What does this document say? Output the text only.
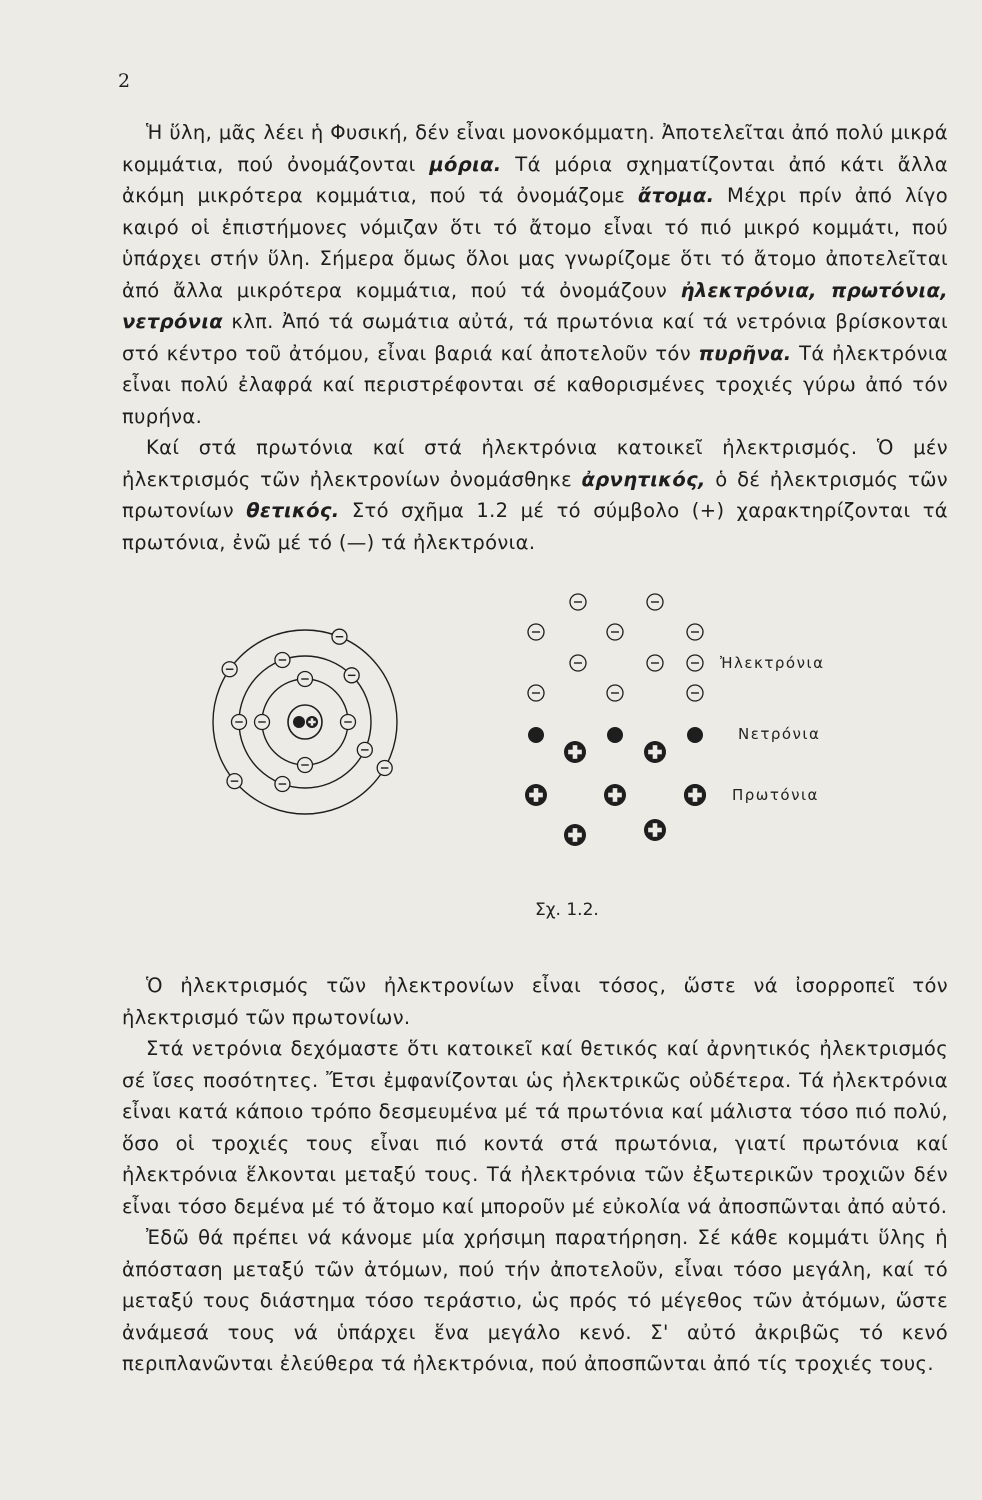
2

Ἡ ὕλη, μᾶς λέει ἡ Φυσική, δέν εἶναι μονοκόμματη. Ἀποτελεῖται ἀπό πολύ μικρά κομμάτια, πού ὀνομάζονται μόρια. Τά μόρια σχηματίζονται ἀπό κάτι ἄλλα ἀκόμη μικρότερα κομμάτια, πού τά ὀνομάζομε ἄτομα. Μέχρι πρίν ἀπό λίγο καιρό οἱ ἐπιστήμονες νόμιζαν ὅτι τό ἄτομο εἶναι τό πιό μικρό κομμάτι, πού ὑπάρχει στήν ὕλη. Σήμερα ὅμως ὅλοι μας γνωρίζομε ὅτι τό ἄτομο ἀποτελεῖται ἀπό ἄλλα μικρότερα κομμάτια, πού τά ὀνομάζουν ἠλεκτρόνια, πρωτόνια, νετρόνια κλπ. Ἀπό τά σωμάτια αὐτά, τά πρωτόνια καί τά νετρόνια βρίσκονται στό κέντρο τοῦ ἀτόμου, εἶναι βαριά καί ἀποτελοῦν τόν πυρῆνα. Τά ἠλεκτρόνια εἶναι πολύ ἐλαφρά καί περιστρέφονται σέ καθορισμένες τροχιές γύρω ἀπό τόν πυρήνα.

Καί στά πρωτόνια καί στά ἠλεκτρόνια κατοικεῖ ἠλεκτρισμός. Ὁ μέν ἠλεκτρισμός τῶν ἠλεκτρονίων ὀνομάσθηκε ἀρνητικός, ὁ δέ ἠλεκτρισμός τῶν πρωτονίων θετικός. Στό σχῆμα 1.2 μέ τό σύμβολο (+) χαρακτηρίζονται τά πρωτόνια, ἐνῶ μέ τό (—) τά ἠλεκτρόνια.

Ἠλεκτρόνια
Νετρόνια
Πρωτόνια
Σχ. 1.2.

Ὁ ἠλεκτρισμός τῶν ἠλεκτρονίων εἶναι τόσος, ὥστε νά ἰσορροπεῖ τόν ἠλεκτρισμό τῶν πρωτονίων.

Στά νετρόνια δεχόμαστε ὅτι κατοικεῖ καί θετικός καί ἀρνητικός ἠλεκτρισμός σέ ἴσες ποσότητες. Ἔτσι ἐμφανίζονται ὡς ἠλεκτρικῶς οὐδέτερα. Τά ἠλεκτρόνια εἶναι κατά κάποιο τρόπο δεσμευμένα μέ τά πρωτόνια καί μάλιστα τόσο πιό πολύ, ὅσο οἱ τροχιές τους εἶναι πιό κοντά στά πρωτόνια, γιατί πρωτόνια καί ἠλεκτρόνια ἕλκονται μεταξύ τους. Τά ἠλεκτρόνια τῶν ἐξωτερικῶν τροχιῶν δέν εἶναι τόσο δεμένα μέ τό ἄτομο καί μποροῦν μέ εὐκολία νά ἀποσπῶνται ἀπό αὐτό.

Ἐδῶ θά πρέπει νά κάνομε μία χρήσιμη παρατήρηση. Σέ κάθε κομμάτι ὕλης ἡ ἀπόσταση μεταξύ τῶν ἀτόμων, πού τήν ἀποτελοῦν, εἶναι τόσο μεγάλη, καί τό μεταξύ τους διάστημα τόσο τεράστιο, ὡς πρός τό μέγεθος τῶν ἀτόμων, ὥστε ἀνάμεσά τους νά ὑπάρχει ἕνα μεγάλο κενό. Σ' αὐτό ἀκριβῶς τό κενό περιπλανῶνται ἐλεύθερα τά ἠλεκτρόνια, πού ἀποσπῶνται ἀπό τίς τροχιές τους.
